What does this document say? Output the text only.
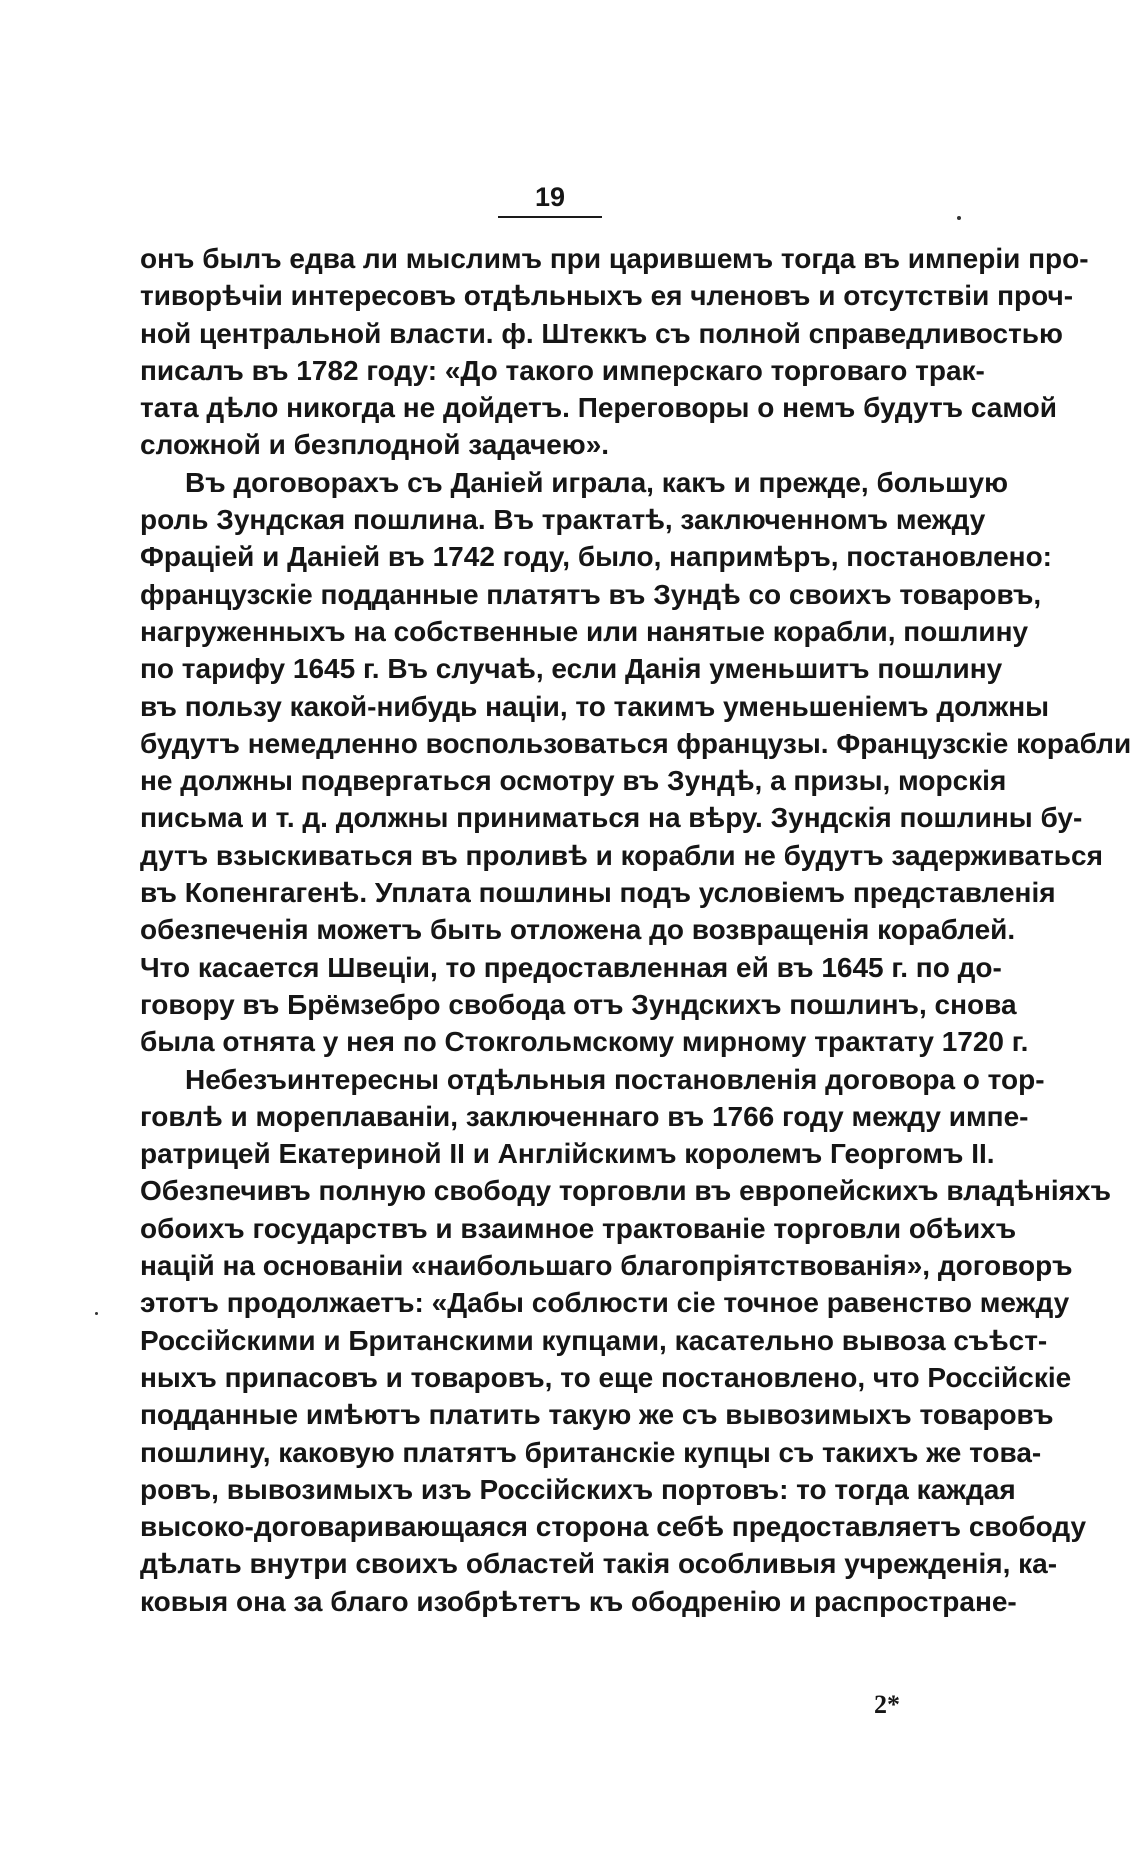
19
онъ былъ едва ли мыслимъ при царившемъ тогда въ имперіи про-
тиворѣчіи интересовъ отдѣльныхъ ея членовъ и отсутствіи проч-
ной центральной власти. ф. Штеккъ съ полной справедливостью
писалъ въ 1782 году: «До такого имперскаго торговаго трак-
тата дѣло никогда не дойдетъ. Переговоры о немъ будутъ самой
сложной и безплодной задачею».
Въ договорахъ съ Даніей играла, какъ и прежде, большую
роль Зундская пошлина. Въ трактатѣ, заключенномъ между
Фраціей и Даніей въ 1742 году, было, напримѣръ, постановлено:
французскіе подданные платятъ въ Зундѣ со своихъ товаровъ,
нагруженныхъ на собственные или нанятые корабли, пошлину
по тарифу 1645 г. Въ случаѣ, если Данія уменьшитъ пошлину
въ пользу какой-нибудь націи, то такимъ уменьшеніемъ должны
будутъ немедленно воспользоваться французы. Французскіе корабли
не должны подвергаться осмотру въ Зундѣ, а призы, морскія
письма и т. д. должны приниматься на вѣру. Зундскія пошлины бу-
дутъ взыскиваться въ проливѣ и корабли не будутъ задерживаться
въ Копенгагенѣ. Уплата пошлины подъ условіемъ представленія
обезпеченія можетъ быть отложена до возвращенія кораблей.
Что касается Швеціи, то предоставленная ей въ 1645 г. по до-
говору въ Брёмзебро свобода отъ Зундскихъ пошлинъ, снова
была отнята у нея по Стокгольмскому мирному трактату 1720 г.
Небезъинтересны отдѣльныя постановленія договора о тор-
говлѣ и мореплаваніи, заключеннаго въ 1766 году между импе-
ратрицей Екатериной II и Англійскимъ королемъ Георгомъ II.
Обезпечивъ полную свободу торговли въ европейскихъ владѣніяхъ
обоихъ государствъ и взаимное трактованіе торговли обѣихъ
націй на основаніи «наибольшаго благопріятствованія», договоръ
этотъ продолжаетъ: «Дабы соблюсти сіе точное равенство между
Россійскими и Британскими купцами, касательно вывоза съѣст-
ныхъ припасовъ и товаровъ, то еще постановлено, что Россійскіе
подданные имѣютъ платить такую же съ вывозимыхъ товаровъ
пошлину, каковую платятъ британскіе купцы съ такихъ же това-
ровъ, вывозимыхъ изъ Россійскихъ портовъ: то тогда каждая
высоко-договаривающаяся сторона себѣ предоставляетъ свободу
дѣлать внутри своихъ областей такія особливыя учрежденія, ка-
ковыя она за благо изобрѣтетъ къ ободренію и распростране-
2*
